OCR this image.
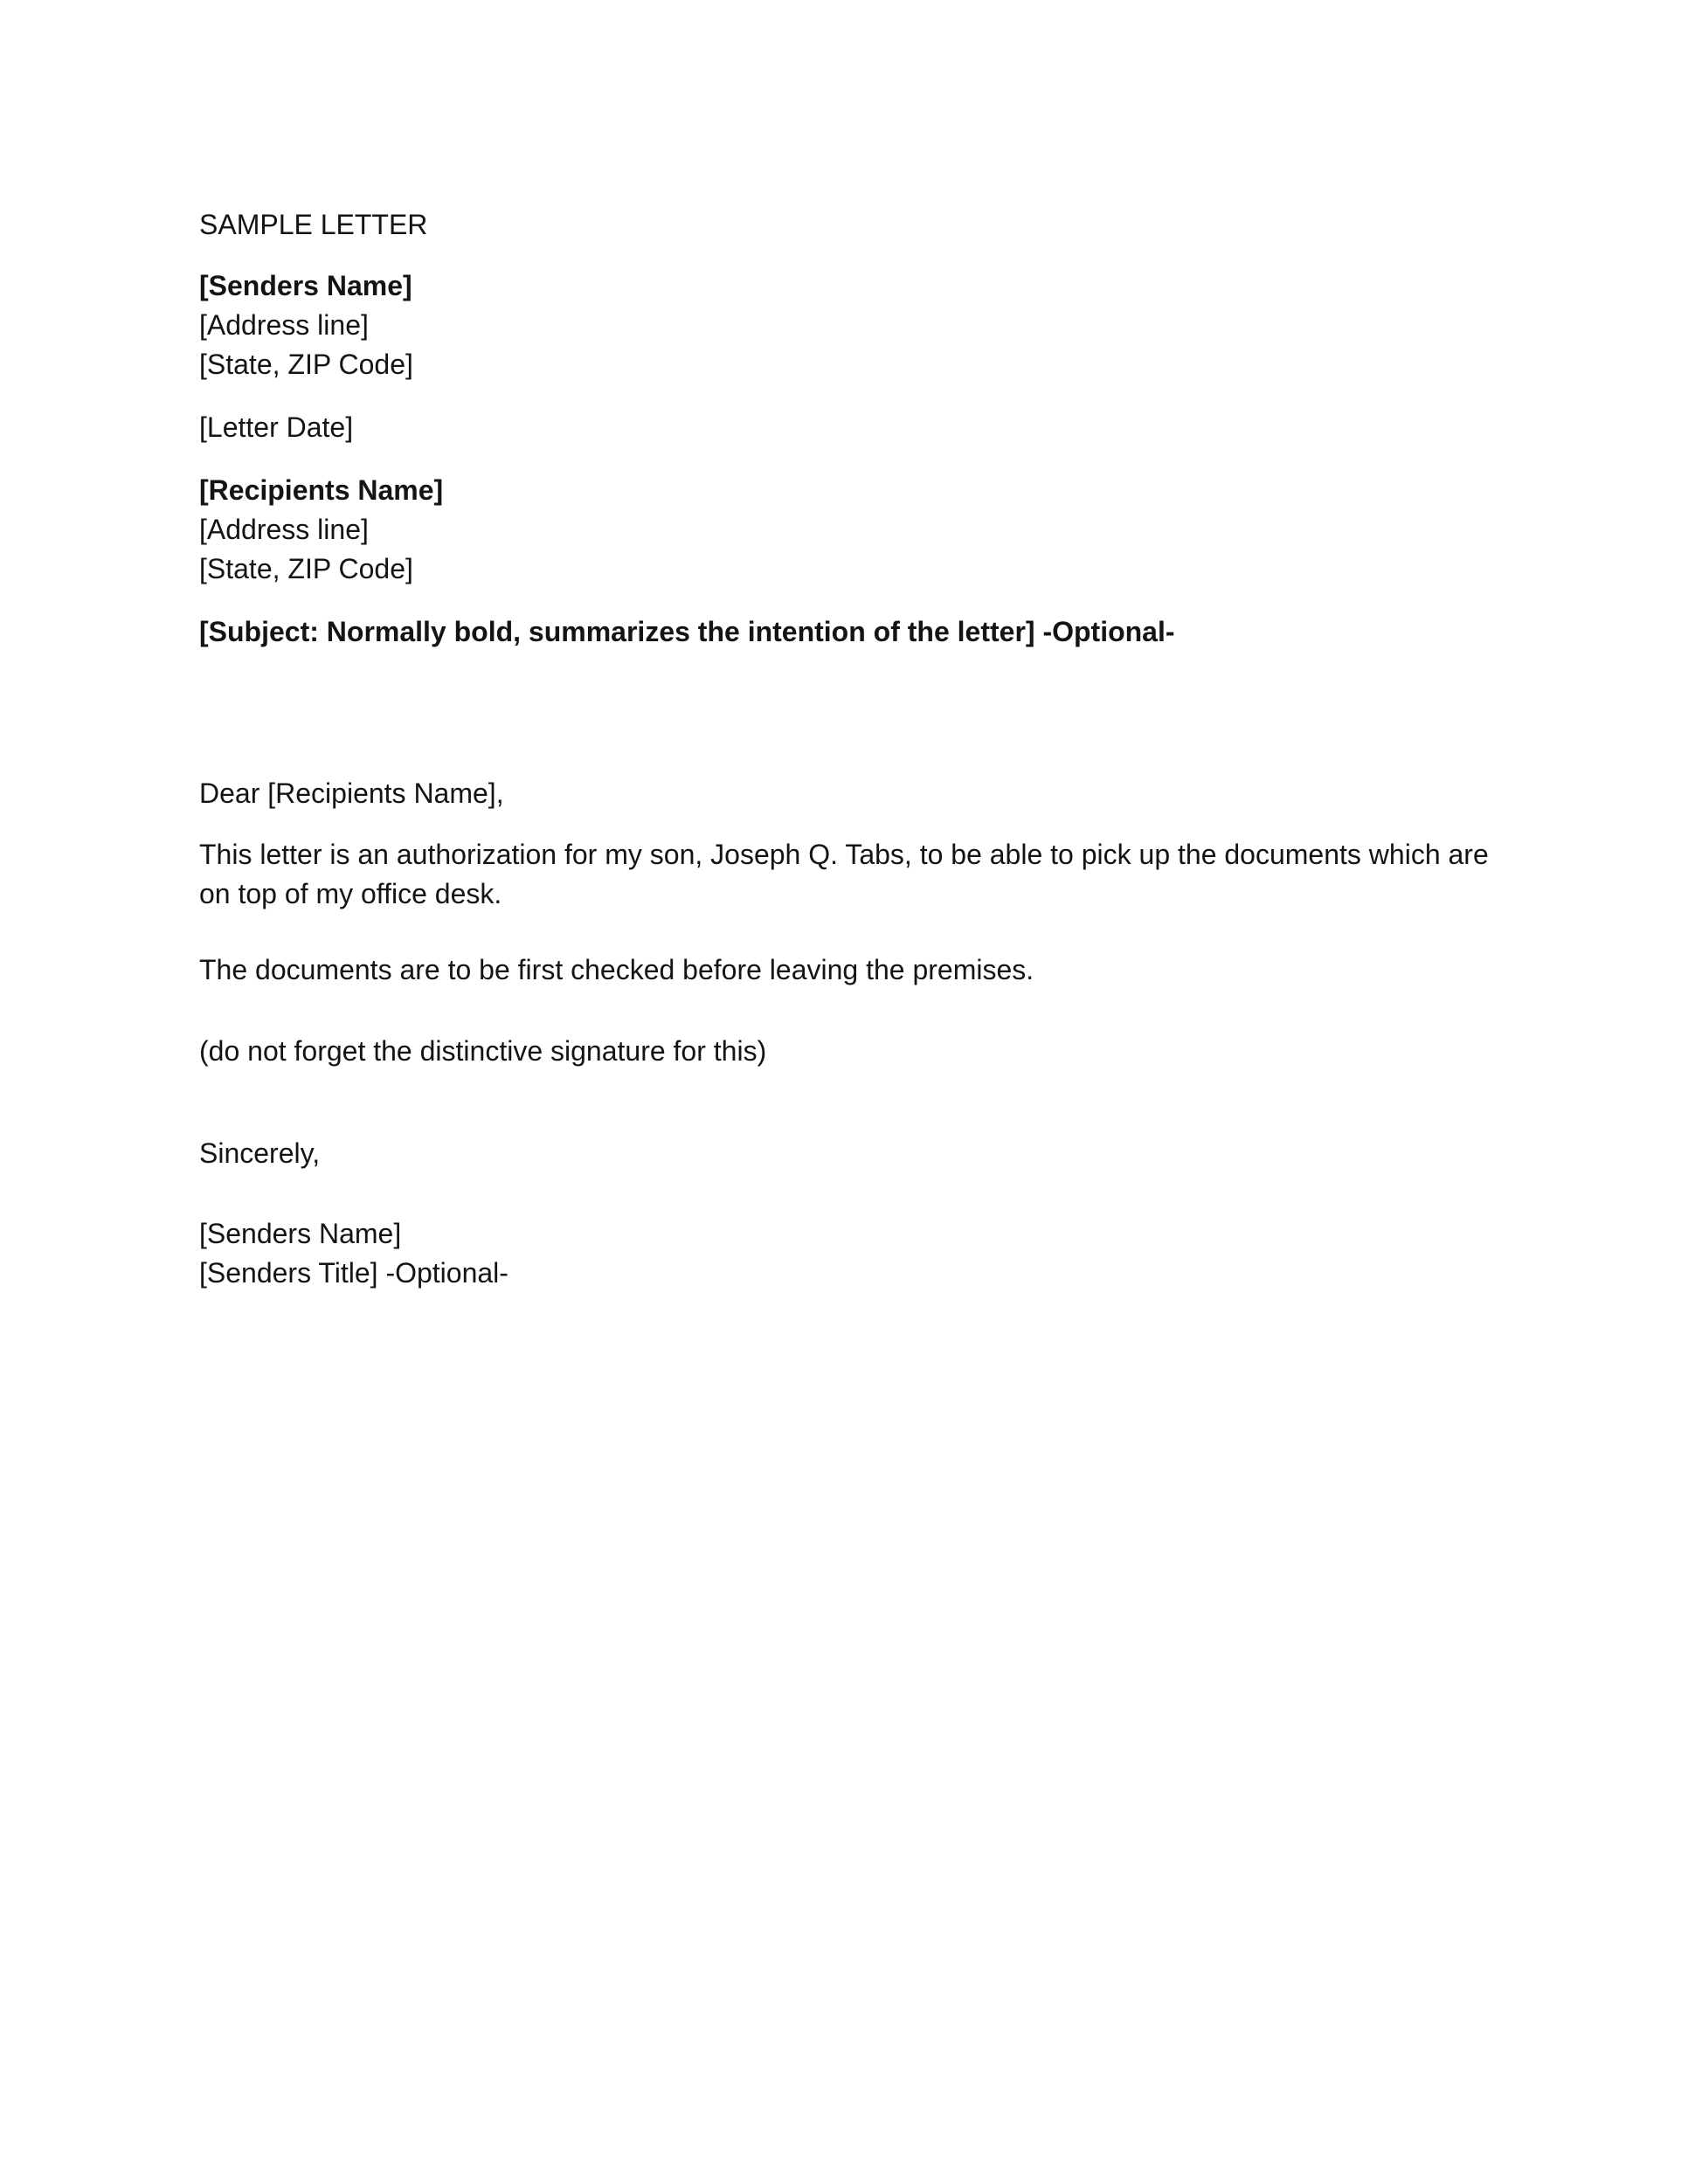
SAMPLE LETTER

[Senders Name]
[Address line]
[State, ZIP Code]

[Letter Date]

[Recipients Name]
[Address line]
[State, ZIP Code]

[Subject: Normally bold, summarizes the intention of the letter] -Optional-

Dear [Recipients Name],

This letter is an authorization for my son, Joseph Q. Tabs, to be able to pick up the documents which are on top of my office desk.

The documents are to be first checked before leaving the premises.

(do not forget the distinctive signature for this)

Sincerely,

[Senders Name]
[Senders Title] -Optional-
